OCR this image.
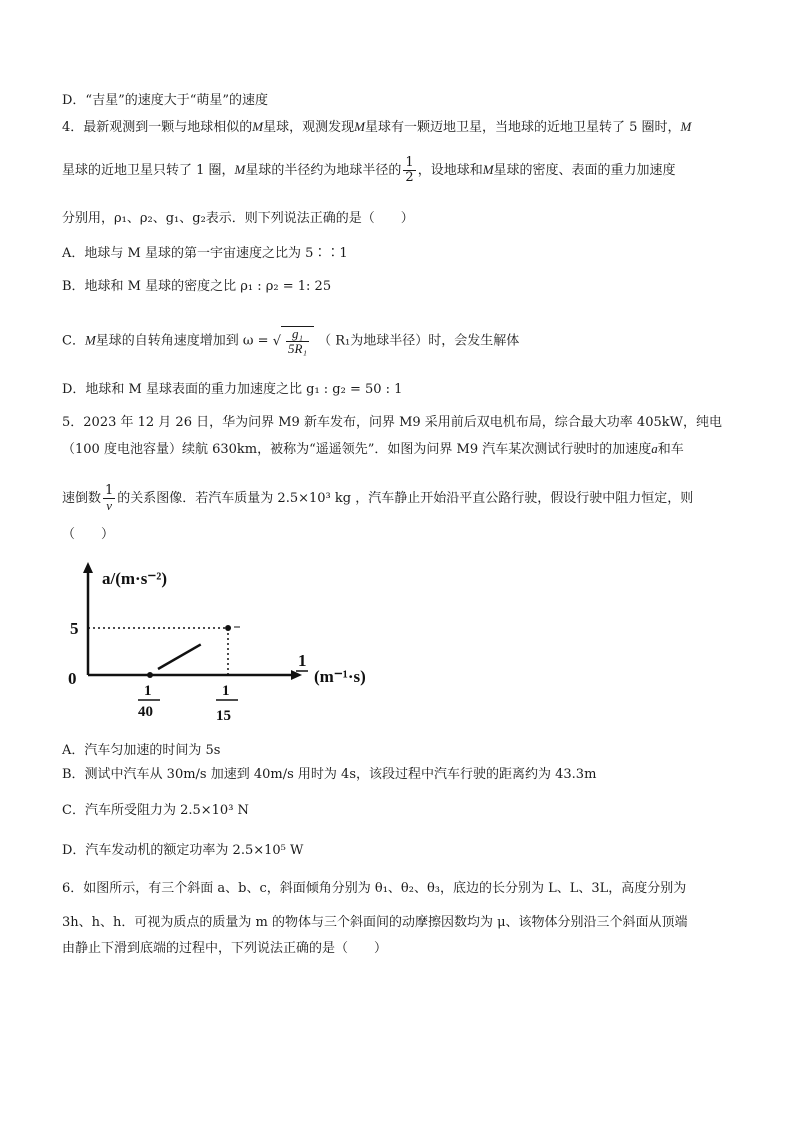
D．“吉星”的速度大于“萌星”的速度
4．最新观测到一颗与地球相似的M星球，观测发现M星球有一颗迈地卫星，当地球的近地卫星转了 5 圈时，M
星球的近地卫星只转了 1 圈，M星球的半径约为地球半径的 $\frac{1}{2}$ ，设地球和M星球的密度、表面的重力加速度
分别用，ρ₁、ρ₂、g₁、g₂表示．则下列说法正确的是（　　）
A．地球与 M 星球的第一宇宙速度之比为 5∶∶1
B．地球和 M 星球的密度之比 ρ₁ : ρ₂ = 1: 25
C．M星球的自转角速度增加到 ω = √ $\frac{\text{g₁}}{\text{5R₁}}$ （ R₁为地球半径）时，会发生解体
D．地球和 M 星球表面的重力加速度之比 g₁ : g₂ = 50 : 1
5．2023 年 12 月 26 日，华为问界 M9 新车发布，问界 M9 采用前后双电机布局，综合最大功率 405kW，纯电
（100 度电池容量）续航 630km，被称为“遥遥领先”．如图为问界 M9 汽车某次测试行驶时的加速度a和车
速倒数 $\frac{1}{v}$ 的关系图像．若汽车质量为 2.5×10³ kg ，汽车静止开始沿平直公路行驶，假设行驶中阻力恒定，则
（　　）
a/(m·s⁻²)
5
0
1
(m⁻¹·s)
1
40
1
15
A．汽车匀加速的时间为 5s
B．测试中汽车从 30m/s 加速到 40m/s 用时为 4s，该段过程中汽车行驶的距离约为 43.3m
C．汽车所受阻力为 2.5×10³ N
D．汽车发动机的额定功率为 2.5×10⁵ W
6．如图所示，有三个斜面 a、b、c，斜面倾角分别为 θ₁、θ₂、θ₃，底边的长分别为 L、L、3L，高度分别为
3h、h、h．可视为质点的质量为 m 的物体与三个斜面间的动摩擦因数均为 μ、该物体分别沿三个斜面从顶端
由静止下滑到底端的过程中，下列说法正确的是（　　）
